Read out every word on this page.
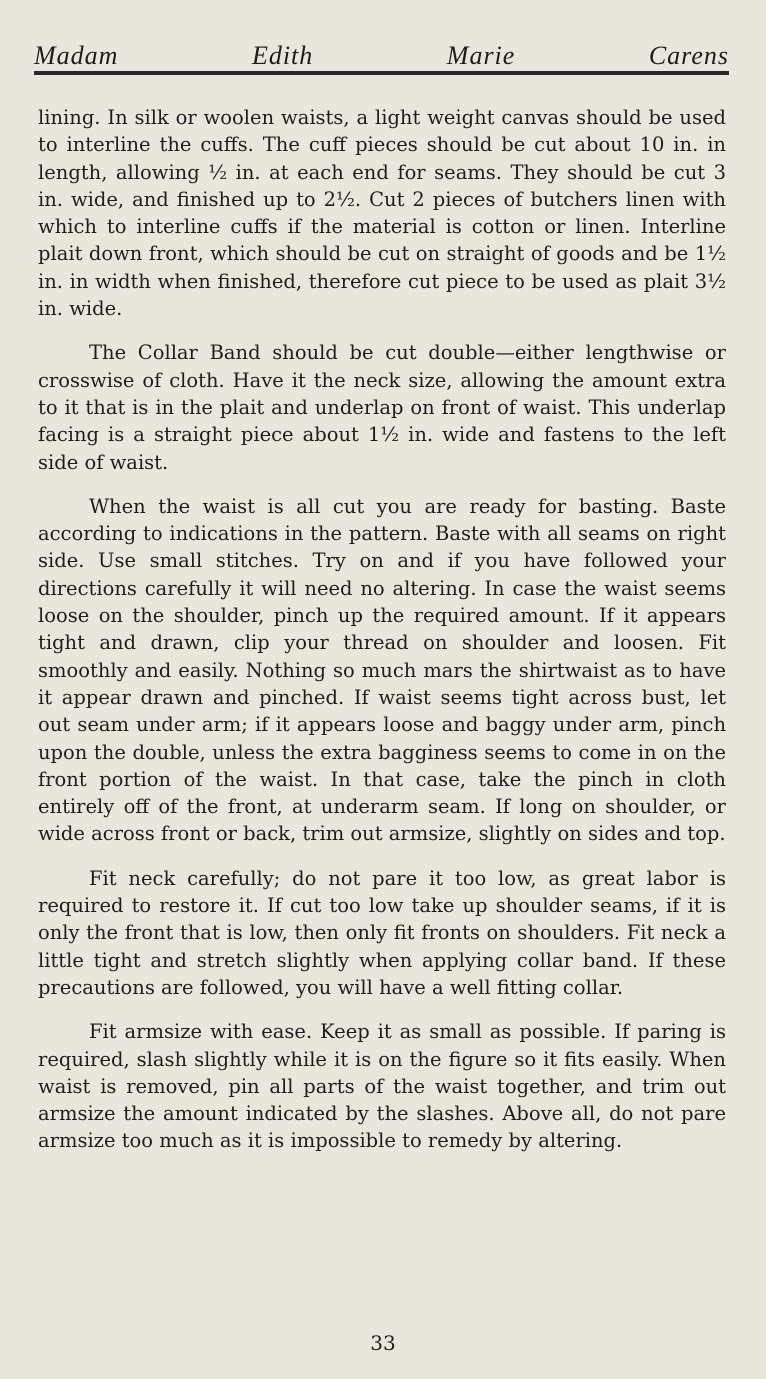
Madam	Edith	Marie	Carens

lining. In silk or woolen waists, a light weight canvas should be used to interline the cuffs. The cuff pieces should be cut about 10 in. in length, allowing ½ in. at each end for seams. They should be cut 3 in. wide, and finished up to 2½. Cut 2 pieces of butchers linen with which to interline cuffs if the material is cotton or linen. Interline plait down front, which should be cut on straight of goods and be 1½ in. in width when finished, therefore cut piece to be used as plait 3½ in. wide.

The Collar Band should be cut double—either lengthwise or crosswise of cloth. Have it the neck size, allowing the amount extra to it that is in the plait and underlap on front of waist. This underlap facing is a straight piece about 1½ in. wide and fastens to the left side of waist.

When the waist is all cut you are ready for basting. Baste according to indications in the pattern. Baste with all seams on right side. Use small stitches. Try on and if you have followed your directions carefully it will need no altering. In case the waist seems loose on the shoulder, pinch up the required amount. If it appears tight and drawn, clip your thread on shoulder and loosen. Fit smoothly and easily. Nothing so much mars the shirtwaist as to have it appear drawn and pinched. If waist seems tight across bust, let out seam under arm; if it appears loose and baggy under arm, pinch upon the double, unless the extra bagginess seems to come in on the front portion of the waist. In that case, take the pinch in cloth entirely off of the front, at underarm seam. If long on shoulder, or wide across front or back, trim out armsize, slightly on sides and top.

Fit neck carefully; do not pare it too low, as great labor is required to restore it. If cut too low take up shoulder seams, if it is only the front that is low, then only fit fronts on shoulders. Fit neck a little tight and stretch slightly when applying collar band. If these precautions are followed, you will have a well fitting collar.

Fit armsize with ease. Keep it as small as possible. If paring is required, slash slightly while it is on the figure so it fits easily. When waist is removed, pin all parts of the waist together, and trim out armsize the amount indicated by the slashes. Above all, do not pare armsize too much as it is impossible to remedy by altering.

33
